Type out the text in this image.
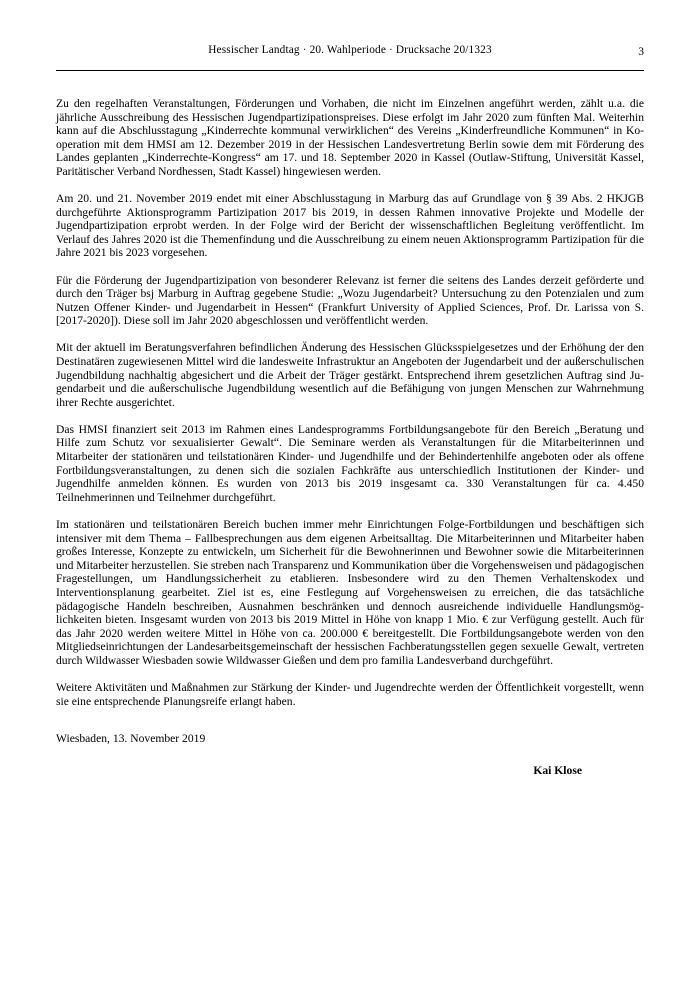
Hessischer Landtag · 20. Wahlperiode · Drucksache 20/1323	3

Zu den regelhaften Veranstaltungen, Förderungen und Vorhaben, die nicht im Einzelnen angeführt werden, zählt u.a. die jährliche Ausschreibung des Hessischen Jugendpartizipationspreises. Diese erfolgt im Jahr 2020 zum fünften Mal. Weiterhin kann auf die Abschlusstagung „Kinderrechte kommunal verwirklichen“ des Vereins „Kinderfreundliche Kommunen“ in Kooperation mit dem HMSI am 12. Dezember 2019 in der Hessischen Landesvertretung Berlin sowie dem mit Förderung des Landes geplanten „Kinderrechte-Kongress“ am 17. und 18. September 2020 in Kassel (Outlaw-Stiftung, Universität Kassel, Paritätischer Verband Nordhessen, Stadt Kassel) hingewiesen werden.

Am 20. und 21. November 2019 endet mit einer Abschlusstagung in Marburg das auf Grundlage von § 39 Abs. 2 HKJGB durchgeführte Aktionsprogramm Partizipation 2017 bis 2019, in dessen Rahmen innovative Projekte und Modelle der Jugendpartizipation erprobt werden. In der Folge wird der Bericht der wissenschaftlichen Begleitung veröffentlicht. Im Verlauf des Jahres 2020 ist die Themenfindung und die Ausschreibung zu einem neuen Aktionsprogramm Partizipation für die Jahre 2021 bis 2023 vorgesehen.

Für die Förderung der Jugendpartizipation von besonderer Relevanz ist ferner die seitens des Landes derzeit geförderte und durch den Träger bsj Marburg in Auftrag gegebene Studie: „Wozu Jugendarbeit? Untersuchung zu den Potenzialen und zum Nutzen Offener Kinder- und Jugendarbeit in Hessen“ (Frankfurt University of Applied Sciences, Prof. Dr. Larissa von S. [2017-2020]). Diese soll im Jahr 2020 abgeschlossen und veröffentlicht werden.

Mit der aktuell im Beratungsverfahren befindlichen Änderung des Hessischen Glücksspielgesetzes und der Erhöhung der den Destinatären zugewiesenen Mittel wird die landesweite Infrastruktur an Angeboten der Jugendarbeit und der außerschulischen Jugendbildung nachhaltig abgesichert und die Arbeit der Träger gestärkt. Entsprechend ihrem gesetzlichen Auftrag sind Jugendarbeit und die außerschulische Jugendbildung wesentlich auf die Befähigung von jungen Menschen zur Wahrnehmung ihrer Rechte ausgerichtet.

Das HMSI finanziert seit 2013 im Rahmen eines Landesprogramms Fortbildungsangebote für den Bereich „Beratung und Hilfe zum Schutz vor sexualisierter Gewalt“. Die Seminare werden als Veranstaltungen für die Mitarbeiterinnen und Mitarbeiter der stationären und teilstationären Kinder- und Jugendhilfe und der Behindertenhilfe angeboten oder als offene Fortbildungsveranstaltungen, zu denen sich die sozialen Fachkräfte aus unterschiedlich Institutionen der Kinder- und Jugendhilfe anmelden können. Es wurden von 2013 bis 2019 insgesamt ca. 330 Veranstaltungen für ca. 4.450 Teilnehmerinnen und Teilnehmer durchgeführt.

Im stationären und teilstationären Bereich buchen immer mehr Einrichtungen Folge-Fortbildungen und beschäftigen sich intensiver mit dem Thema – Fallbesprechungen aus dem eigenen Arbeitsalltag. Die Mitarbeiterinnen und Mitarbeiter haben großes Interesse, Konzepte zu entwickeln, um Sicherheit für die Bewohnerinnen und Bewohner sowie die Mitarbeiterinnen und Mitarbeiter herzustellen. Sie streben nach Transparenz und Kommunikation über die Vorgehensweisen und pädagogischen Fragestellungen, um Handlungssicherheit zu etablieren. Insbesondere wird zu den Themen Verhaltenskodex und Interventionsplanung gearbeitet. Ziel ist es, eine Festlegung auf Vorgehensweisen zu erreichen, die das tatsächliche pädagogische Handeln beschreiben, Ausnahmen beschränken und dennoch ausreichende individuelle Handlungsmöglichkeiten bieten. Insgesamt wurden von 2013 bis 2019 Mittel in Höhe von knapp 1 Mio. € zur Verfügung gestellt. Auch für das Jahr 2020 werden weitere Mittel in Höhe von ca. 200.000 € bereitgestellt. Die Fortbildungsangebote werden von den Mitgliedseinrichtungen der Landesarbeitsgemeinschaft der hessischen Fachberatungsstellen gegen sexuelle Gewalt, vertreten durch Wildwasser Wiesbaden sowie Wildwasser Gießen und dem pro familia Landesverband durchgeführt.

Weitere Aktivitäten und Maßnahmen zur Stärkung der Kinder- und Jugendrechte werden der Öffentlichkeit vorgestellt, wenn sie eine entsprechende Planungsreife erlangt haben.

Wiesbaden, 13. November 2019

Kai Klose
